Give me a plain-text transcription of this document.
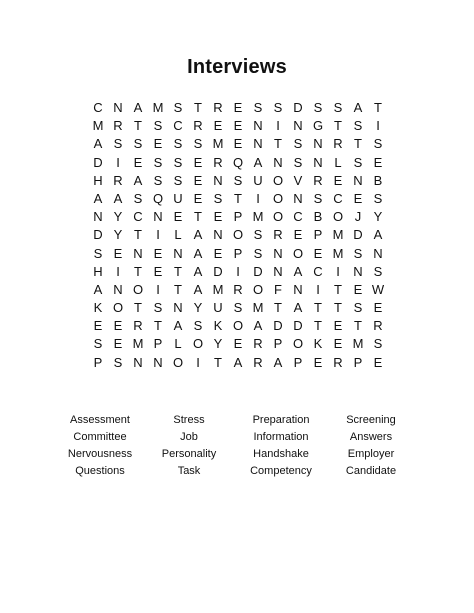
Interviews
C N A M S T R E S S D S S A T
M R T S C R E E N	I	N G T S	I
A S S E S S M E N T S N R T S
D	I	E S S E R Q A N S N L S E
H R A S S E N S U O V R E N B
A A S Q U E S T	I	O N S C E S
N Y C N E T E P M O C B O J Y
D Y T	I	L A N O S R E P M D A
S E N E N A E P S N O E M S N
H	I	T E T A D	I	D N A C	I	N S
A N O	I	T A M R O F N	I	T E W
K O T S N Y U S M T A T T S E
E E R T A S K O A D D T E T R
S E M P L O Y E R P O K E M S
P S N N O	I	T A R A P E R P E
Assessment	Stress	Preparation	Screening
Committee	Job	Information	Answers
Nervousness	Personality	Handshake	Employer
Questions	Task	Competency	Candidate
